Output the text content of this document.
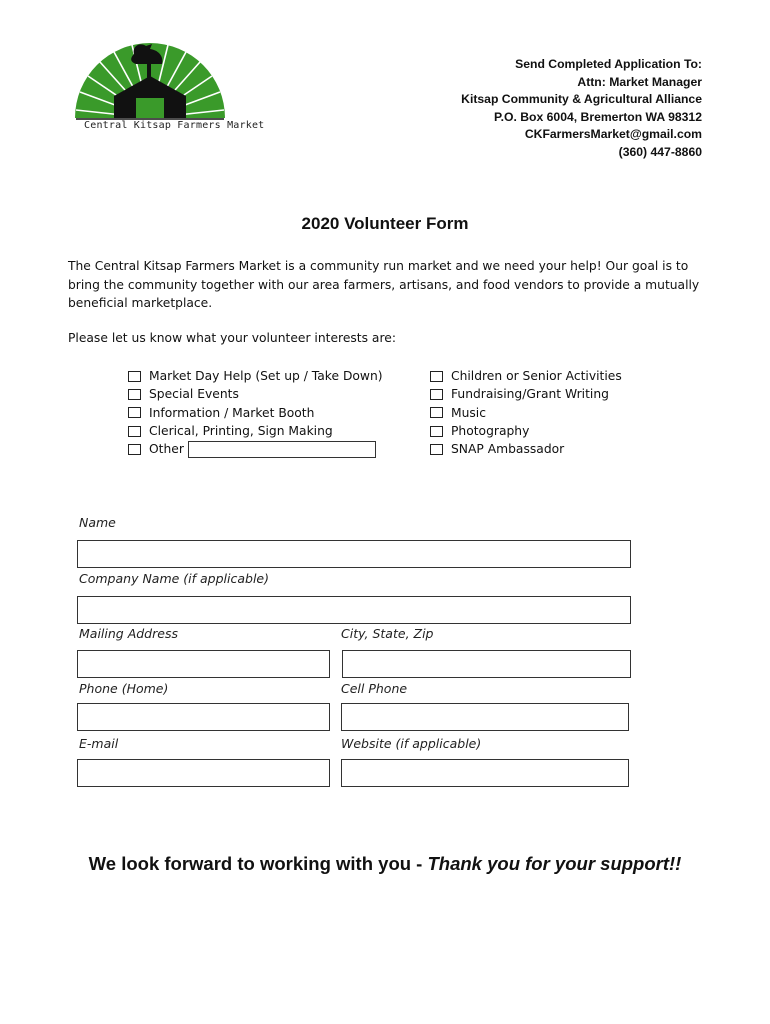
Central Kitsap Farmers Market
Send Completed Application To:
Attn: Market Manager
Kitsap Community & Agricultural Alliance
P.O. Box 6004, Bremerton WA 98312
CKFarmersMarket@gmail.com
(360) 447-8860
2020 Volunteer Form
The Central Kitsap Farmers Market is a community run market and we need your help! Our goal is to bring the community together with our area farmers, artisans, and food vendors to provide a mutually beneficial marketplace.
Please let us know what your volunteer interests are:
Market Day Help (Set up / Take Down)
Special Events
Information / Market Booth
Clerical, Printing, Sign Making
Other
Children or Senior Activities
Fundraising/Grant Writing
Music
Photography
SNAP Ambassador
Name
Company Name (if applicable)
Mailing Address	City, State, Zip
Phone (Home)	Cell Phone
E-mail	Website (if applicable)
We look forward to working with you - Thank you for your support!!
